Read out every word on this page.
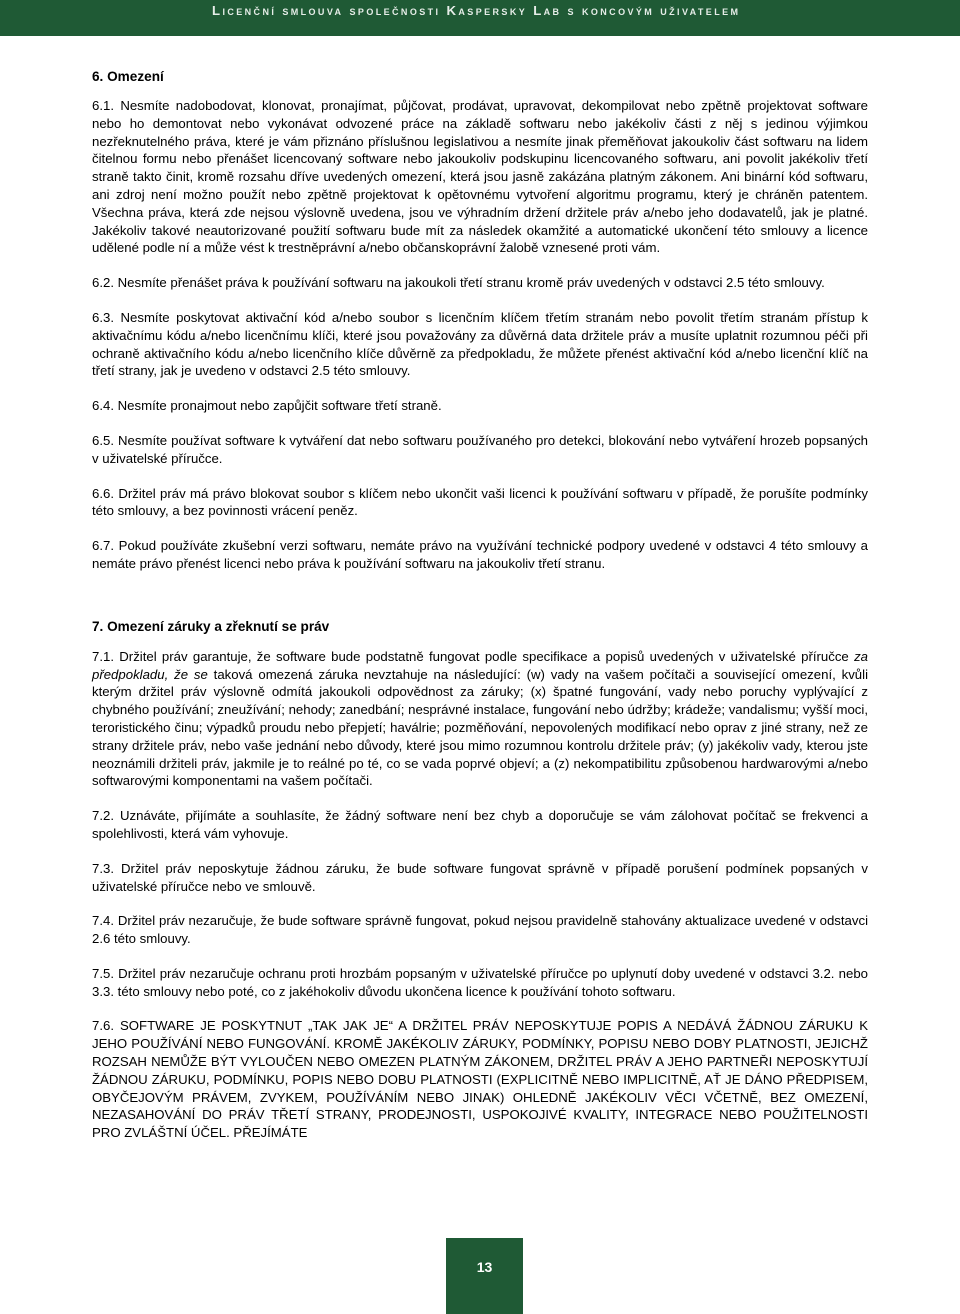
Licenční smlouva společnosti Kaspersky Lab s koncovým uživatelem
6. Omezení

6.1. Nesmíte nadobodovat, klonovat, pronajímat, půjčovat, prodávat, upravovat, dekompilovat nebo zpětně projektovat software nebo ho demontovat nebo vykonávat odvozené práce na základě softwaru nebo jakékoliv části z něj s jedinou výjimkou nezřeknutelného práva, které je vám přiznáno příslušnou legislativou a nesmíte jinak přeměňovat jakoukoliv část softwaru na lidem čitelnou formu nebo přenášet licencovaný software nebo jakoukoliv podskupinu licencovaného softwaru, ani povolit jakékoliv třetí straně takto činit, kromě rozsahu dříve uvedených omezení, která jsou jasně zakázána platným zákonem. Ani binární kód softwaru, ani zdroj není možno použít nebo zpětně projektovat k opětovnému vytvoření algoritmu programu, který je chráněn patentem. Všechna práva, která zde nejsou výslovně uvedena, jsou ve výhradním držení držitele práv a/nebo jeho dodavatelů, jak je platné. Jakékoliv takové neautorizované použití softwaru bude mít za následek okamžité a automatické ukončení této smlouvy a licence udělené podle ní a může vést k trestněprávní a/nebo občanskoprávní žalobě vznesené proti vám.

6.2. Nesmíte přenášet práva k používání softwaru na jakoukoli třetí stranu kromě práv uvedených v odstavci 2.5 této smlouvy.

6.3. Nesmíte poskytovat aktivační kód a/nebo soubor s licenčním klíčem třetím stranám nebo povolit třetím stranám přístup k aktivačnímu kódu a/nebo licenčnímu klíči, které jsou považovány za důvěrná data držitele práv a musíte uplatnit rozumnou péči při ochraně aktivačního kódu a/nebo licenčního klíče důvěrně za předpokladu, že můžete přenést aktivační kód a/nebo licenční klíč na třetí strany, jak je uvedeno v odstavci 2.5 této smlouvy.

6.4. Nesmíte pronajmout nebo zapůjčit software třetí straně.

6.5. Nesmíte používat software k vytváření dat nebo softwaru používaného pro detekci, blokování nebo vytváření hrozeb popsaných v uživatelské příručce.

6.6. Držitel práv má právo blokovat soubor s klíčem nebo ukončit vaši licenci k používání softwaru v případě, že porušíte podmínky této smlouvy, a bez povinnosti vrácení peněz.

6.7. Pokud používáte zkušební verzi softwaru, nemáte právo na využívání technické podpory uvedené v odstavci 4 této smlouvy a nemáte právo přenést licenci nebo práva k používání softwaru na jakoukoliv třetí stranu.

7. Omezení záruky a zřeknutí se práv

7.1. Držitel práv garantuje, že software bude podstatně fungovat podle specifikace a popisů uvedených v uživatelské příručce za předpokladu, že se taková omezená záruka nevztahuje na následující: (w) vady na vašem počítači a související omezení, kvůli kterým držitel práv výslovně odmítá jakoukoli odpovědnost za záruky; (x) špatné fungování, vady nebo poruchy vyplývající z chybného používání; zneužívání; nehody; zanedbání; nesprávné instalace, fungování nebo údržby; krádeže; vandalismu; vyšší moci, teroristického činu; výpadků proudu nebo přepjetí; haválrie; pozměňování, nepovolených modifikací nebo oprav z jiné strany, než ze strany držitele práv, nebo vaše jednání nebo důvody, které jsou mimo rozumnou kontrolu držitele práv; (y) jakékoliv vady, kterou jste neoznámili držiteli práv, jakmile je to reálné po té, co se vada poprvé objeví; a (z) nekompatibilitu způsobenou hardwarovými a/nebo softwarovými komponentami na vašem počítači.

7.2. Uznáváte, přijímáte a souhlasíte, že žádný software není bez chyb a doporučuje se vám zálohovat počítač se frekvenci a spolehlivosti, která vám vyhovuje.

7.3. Držitel práv neposkytuje žádnou záruku, že bude software fungovat správně v případě porušení podmínek popsaných v uživatelské příručce nebo ve smlouvě.

7.4. Držitel práv nezaručuje, že bude software správně fungovat, pokud nejsou pravidelně stahovány aktualizace uvedené v odstavci 2.6 této smlouvy.

7.5. Držitel práv nezaručuje ochranu proti hrozbám popsaným v uživatelské příručce po uplynutí doby uvedené v odstavci 3.2. nebo 3.3. této smlouvy nebo poté, co z jakéhokoliv důvodu ukončena licence k používání tohoto softwaru.

7.6. SOFTWARE JE POSKYTNUT „TAK JAK JE“ A DRŽITEL PRÁV NEPOSKYTUJE POPIS A NEDÁVÁ ŽÁDNOU ZÁRUKU K JEHO POUŽÍVÁNÍ NEBO FUNGOVÁNÍ. KROMĚ JAKÉKOLIV ZÁRUKY, PODMÍNKY, POPISU NEBO DOBY PLATNOSTI, JEJICHŽ ROZSAH NEMŮŽE BÝT VYLOUČEN NEBO OMEZEN PLATNÝM ZÁKONEM, DRŽITEL PRÁV A JEHO PARTNEŘI NEPOSKYTUJÍ ŽÁDNOU ZÁRUKU, PODMÍNKU, POPIS NEBO DOBU PLATNOSTI (EXPLICITNĚ NEBO IMPLICITNĚ, AŤ JE DÁNO PŘEDPISEM, OBYČEJOVÝM PRÁVEM, ZVYKEM, POUŽÍVÁNÍM NEBO JINAK) OHLEDNĚ JAKÉKOLIV VĚCI VČETNĚ, BEZ OMEZENÍ, NEZASAHOVÁNÍ DO PRÁV TŘETÍ STRANY, PRODEJNOSTI, USPOKOJIVÉ KVALITY, INTEGRACE NEBO POUŽITELNOSTI PRO ZVLÁŠTNÍ ÚČEL. PŘEJÍMÁTE

13
